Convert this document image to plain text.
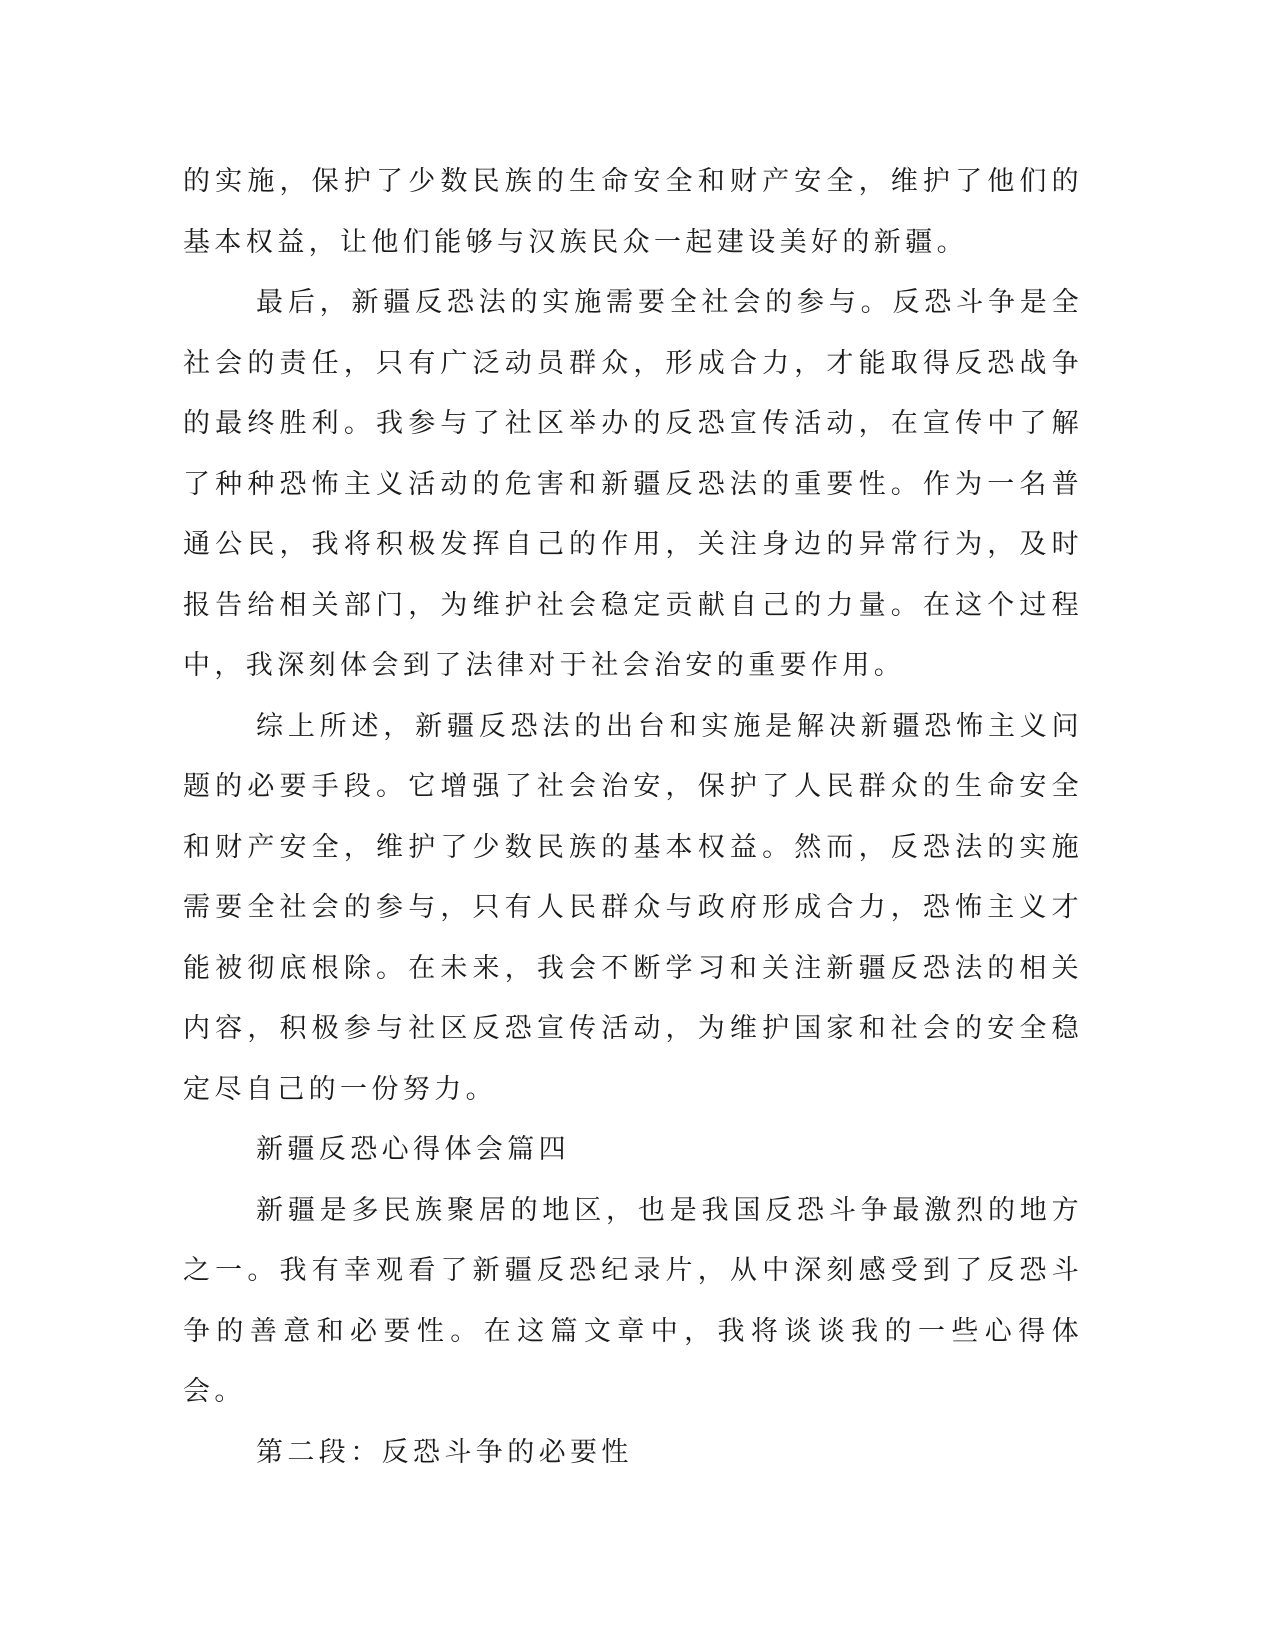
的实施，保护了少数民族的生命安全和财产安全，维护了他们的基本权益，让他们能够与汉族民众一起建设美好的新疆。

最后，新疆反恐法的实施需要全社会的参与。反恐斗争是全社会的责任，只有广泛动员群众，形成合力，才能取得反恐战争的最终胜利。我参与了社区举办的反恐宣传活动，在宣传中了解了种种恐怖主义活动的危害和新疆反恐法的重要性。作为一名普通公民，我将积极发挥自己的作用，关注身边的异常行为，及时报告给相关部门，为维护社会稳定贡献自己的力量。在这个过程中，我深刻体会到了法律对于社会治安的重要作用。

综上所述，新疆反恐法的出台和实施是解决新疆恐怖主义问题的必要手段。它增强了社会治安，保护了人民群众的生命安全和财产安全，维护了少数民族的基本权益。然而，反恐法的实施需要全社会的参与，只有人民群众与政府形成合力，恐怖主义才能被彻底根除。在未来，我会不断学习和关注新疆反恐法的相关内容，积极参与社区反恐宣传活动，为维护国家和社会的安全稳定尽自己的一份努力。

新疆反恐心得体会篇四

新疆是多民族聚居的地区，也是我国反恐斗争最激烈的地方之一。我有幸观看了新疆反恐纪录片，从中深刻感受到了反恐斗争的善意和必要性。在这篇文章中，我将谈谈我的一些心得体会。

第二段：反恐斗争的必要性
